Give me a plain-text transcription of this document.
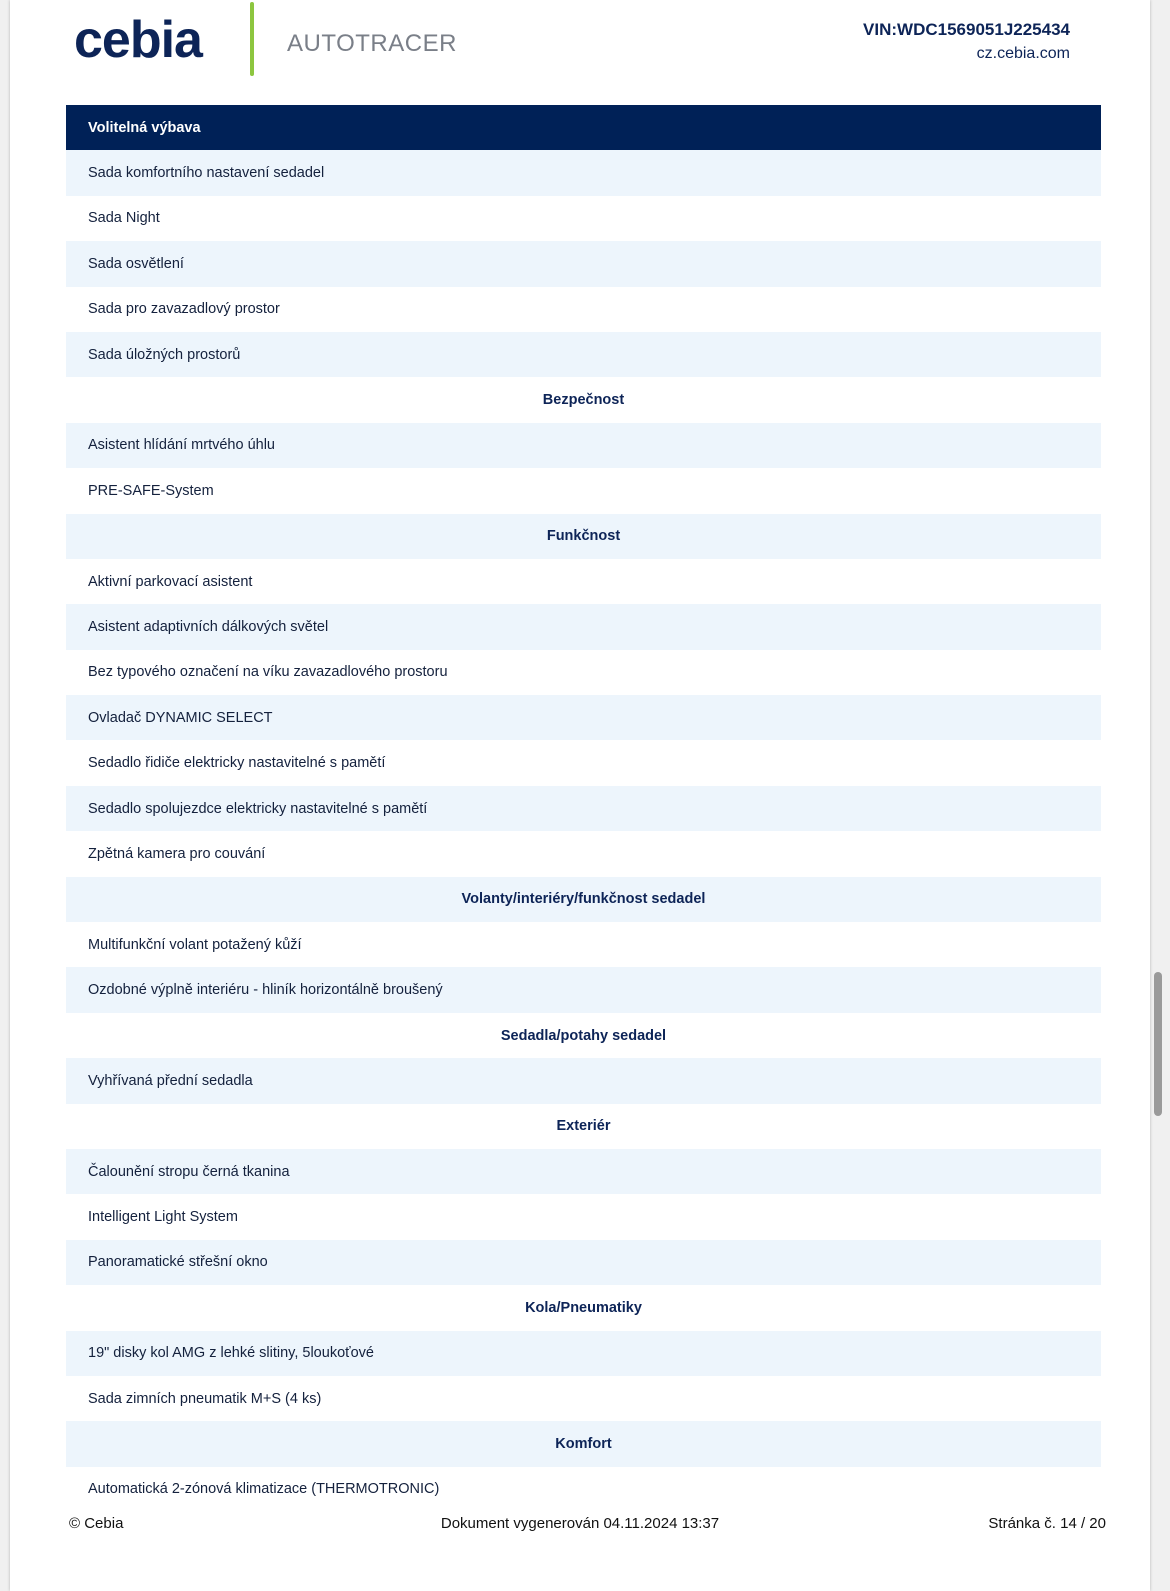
cebia	AUTOTRACER
VIN:WDC1569051J225434
cz.cebia.com
Volitelná výbava
Sada komfortního nastavení sedadel
Sada Night
Sada osvětlení
Sada pro zavazadlový prostor
Sada úložných prostorů
Bezpečnost
Asistent hlídání mrtvého úhlu
PRE-SAFE-System
Funkčnost
Aktivní parkovací asistent
Asistent adaptivních dálkových světel
Bez typového označení na víku zavazadlového prostoru
Ovladač DYNAMIC SELECT
Sedadlo řidiče elektricky nastavitelné s pamětí
Sedadlo spolujezdce elektricky nastavitelné s pamětí
Zpětná kamera pro couvání
Volanty/interiéry/funkčnost sedadel
Multifunkční volant potažený kůží
Ozdobné výplně interiéru - hliník horizontálně broušený
Sedadla/potahy sedadel
Vyhřívaná přední sedadla
Exteriér
Čalounění stropu černá tkanina
Intelligent Light System
Panoramatické střešní okno
Kola/Pneumatiky
19" disky kol AMG z lehké slitiny, 5loukoťové
Sada zimních pneumatik M+S (4 ks)
Komfort
Automatická 2-zónová klimatizace (THERMOTRONIC)
© Cebia	Dokument vygenerován 04.11.2024 13:37	Stránka č. 14 / 20
